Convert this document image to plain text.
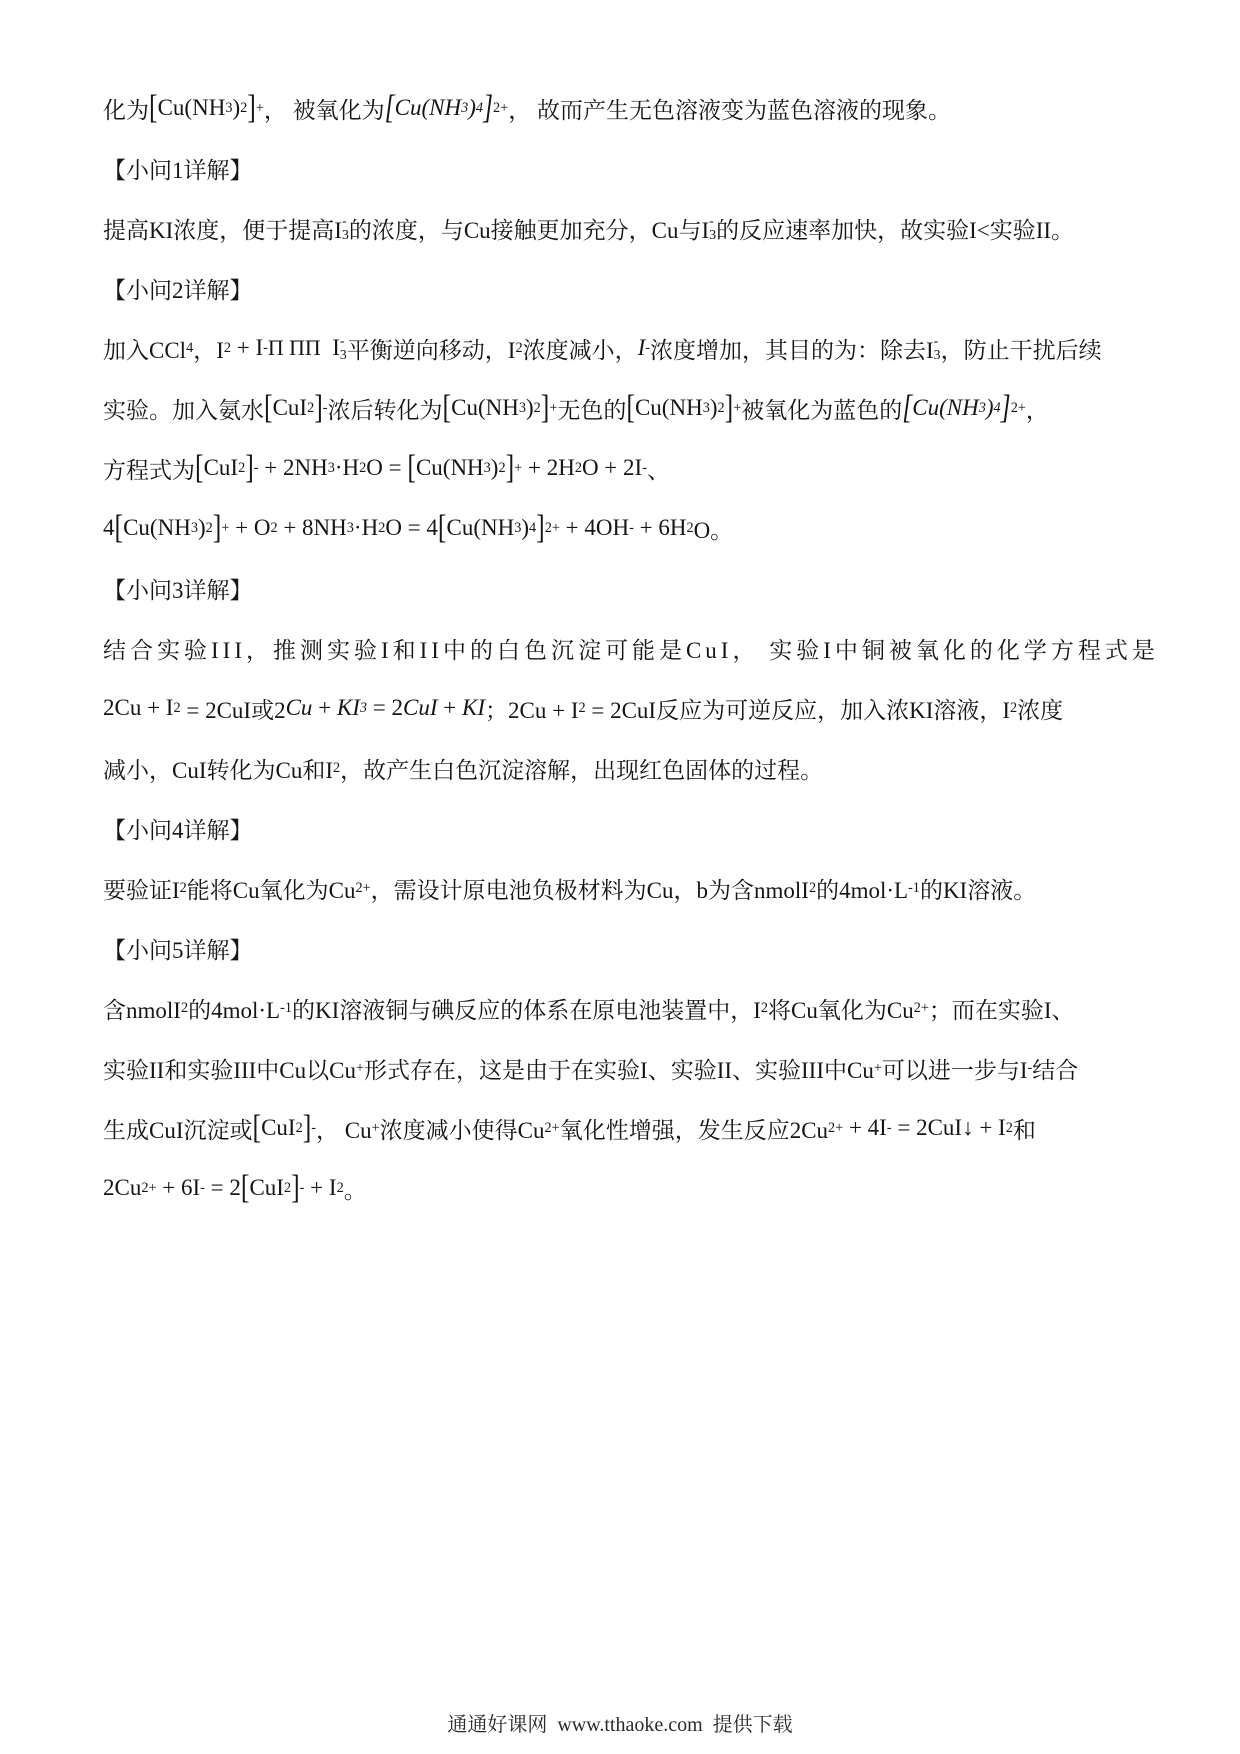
化为 [ Cu(NH 3 ) 2 ] + ， 被氧化为 [ Cu(NH 3 ) 4 ] 2+ ， 故而产生无色溶液变为蓝色溶液的现象。
【小问1详解】
提高KI浓度，便于提高I -
3 的浓度，与Cu接触更加充分，Cu与I -
3 的反应速率加快，故实验I<实验II。
【小问2详解】
加入CCl 4 ，I 2 + I - Π ΠΠ I -
3 平衡逆向移动，I 2 浓度减小， I - 浓度增加，其目的为：除去I -
3 ，防止干扰后续
实验。加入氨水 [ CuI 2 ] - 浓后转化为 [ Cu(NH 3 ) 2 ] + 无色的 [ Cu(NH 3 ) 2 ] + 被氧化为蓝色的 [ Cu(NH 3 ) 4 ] 2+ ，
方程式为 [ CuI 2 ] - + 2NH 3 ·H 2 O = [ Cu(NH 3 ) 2 ] + + 2H 2 O + 2I - 、
4 [ Cu(NH 3 ) 2 ] + + O 2 + 8NH 3 ·H 2 O = 4 [ Cu(NH 3 ) 4 ] 2+ + 4OH - + 6H 2 O。
【小问3详解】
结合实验III，推测实验I和II中的白色沉淀可能是CuI， 实验I中铜被氧化的化学方程式是
2Cu + I 2 = 2CuI或2 Cu + KI 3 = 2 CuI + KI ；2Cu + I 2 = 2CuI反应为可逆反应，加入浓KI溶液，I 2 浓度
减小，CuI转化为Cu和I 2 ，故产生白色沉淀溶解，出现红色固体的过程。
【小问4详解】
要验证I 2 能将Cu氧化为Cu 2+ ，需设计原电池负极材料为Cu，b为含nmolI 2 的4mol·L -1 的KI溶液。
【小问5详解】
含nmolI 2 的4mol·L -1 的KI溶液铜与碘反应的体系在原电池装置中，I 2 将Cu氧化为Cu 2+ ；而在实验I、
实验II和实验III中Cu以Cu + 形式存在，这是由于在实验I、实验II、实验III中Cu + 可以进一步与I - 结合
生成CuI沉淀或 [ CuI 2 ] - ， Cu + 浓度减小使得Cu 2+ 氧化性增强，发生反应2Cu 2+ + 4I - = 2CuI↓ + I 2 和
2Cu 2+ + 6I - = 2 [ CuI 2 ] - + I 2 。
通通好课网 www.tthaoke.com 提供下载
